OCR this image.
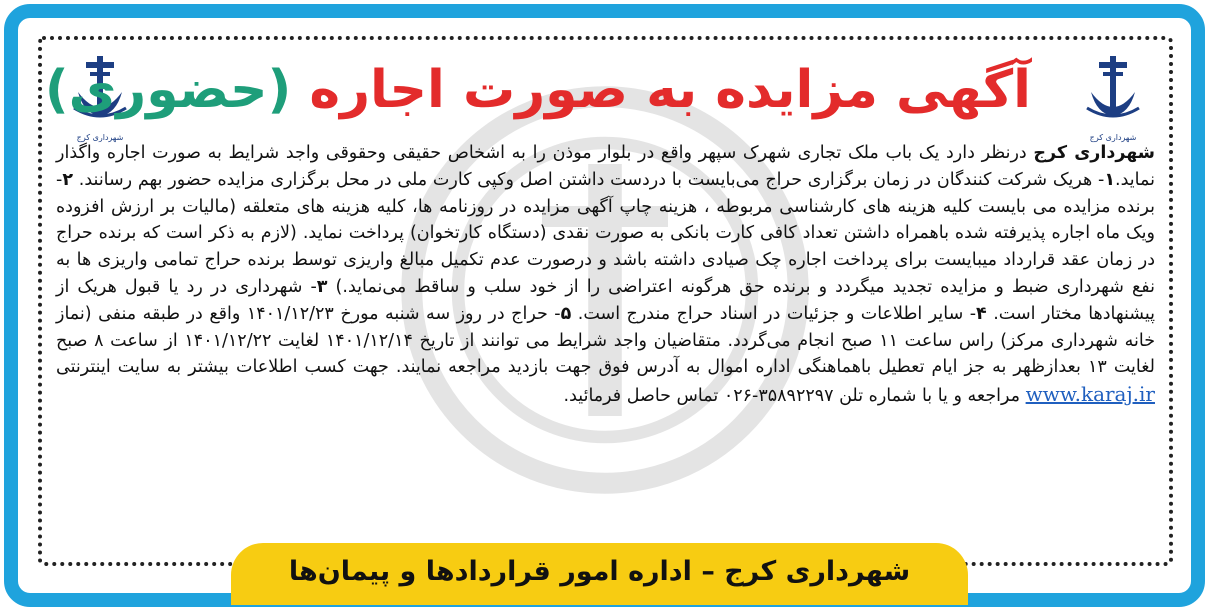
شهرداری کرج	شهرداری کرج
آگهی مزایده به صورت اجاره (حضوری)
شهرداری کرج درنظر دارد یک باب ملک تجاری شهرک سپهر واقع در بلوار موذن را به اشخاص حقیقی وحقوقی واجد شرایط به صورت اجاره واگذار نماید.۱- هریک شرکت کنندگان در زمان برگزاری حراج می‌بایست با دردست داشتن اصل وکپی کارت ملی در محل برگزاری مزایده حضور بهم رسانند. ۲- برنده مزایده می بایست کلیه هزینه های کارشناسی مربوطه ، هزینه چاپ آگهی مزایده در روزنامه ها، کلیه هزینه های متعلقه (مالیات بر ارزش افزوده ویک ماه اجاره پذیرفته شده باهمراه داشتن تعداد کافی کارت بانکی به صورت نقدی (دستگاه کارتخوان) پرداخت نماید. (لازم به ذکر است که برنده حراج در زمان عقد قرارداد میبایست برای پرداخت اجاره چک صیادی داشته باشد و درصورت عدم تکمیل مبالغ واریزی توسط برنده حراج تمامی واریزی ها به نفع شهرداری ضبط و مزایده تجدید میگردد و برنده حق هرگونه اعتراضی را از خود سلب و ساقط می‌نماید.) ۳- شهرداری در رد یا قبول هریک از پیشنهادها مختار است. ۴- سایر اطلاعات و جزئیات در اسناد حراج مندرج است. ۵- حراج در روز سه شنبه مورخ ۱۴۰۱/۱۲/۲۳ واقع در طبقه منفی (نماز خانه شهرداری مرکز) راس ساعت ۱۱ صبح انجام می‌گردد. متقاضیان واجد شرایط می توانند از تاریخ ۱۴۰۱/۱۲/۱۴ لغایت ۱۴۰۱/۱۲/۲۲ از ساعت ۸ صبح لغایت ۱۳ بعدازظهر به جز ایام تعطیل باهماهنگی اداره اموال به آدرس فوق جهت بازدید مراجعه نمایند. جهت کسب اطلاعات بیشتر به سایت اینترنتی www.karaj.ir مراجعه و یا با شماره تلن ۳۵۸۹۲۲۹۷-۰۲۶ تماس حاصل فرمائید.
شهرداری کرج – اداره امور قراردادها و پیمان‌ها
